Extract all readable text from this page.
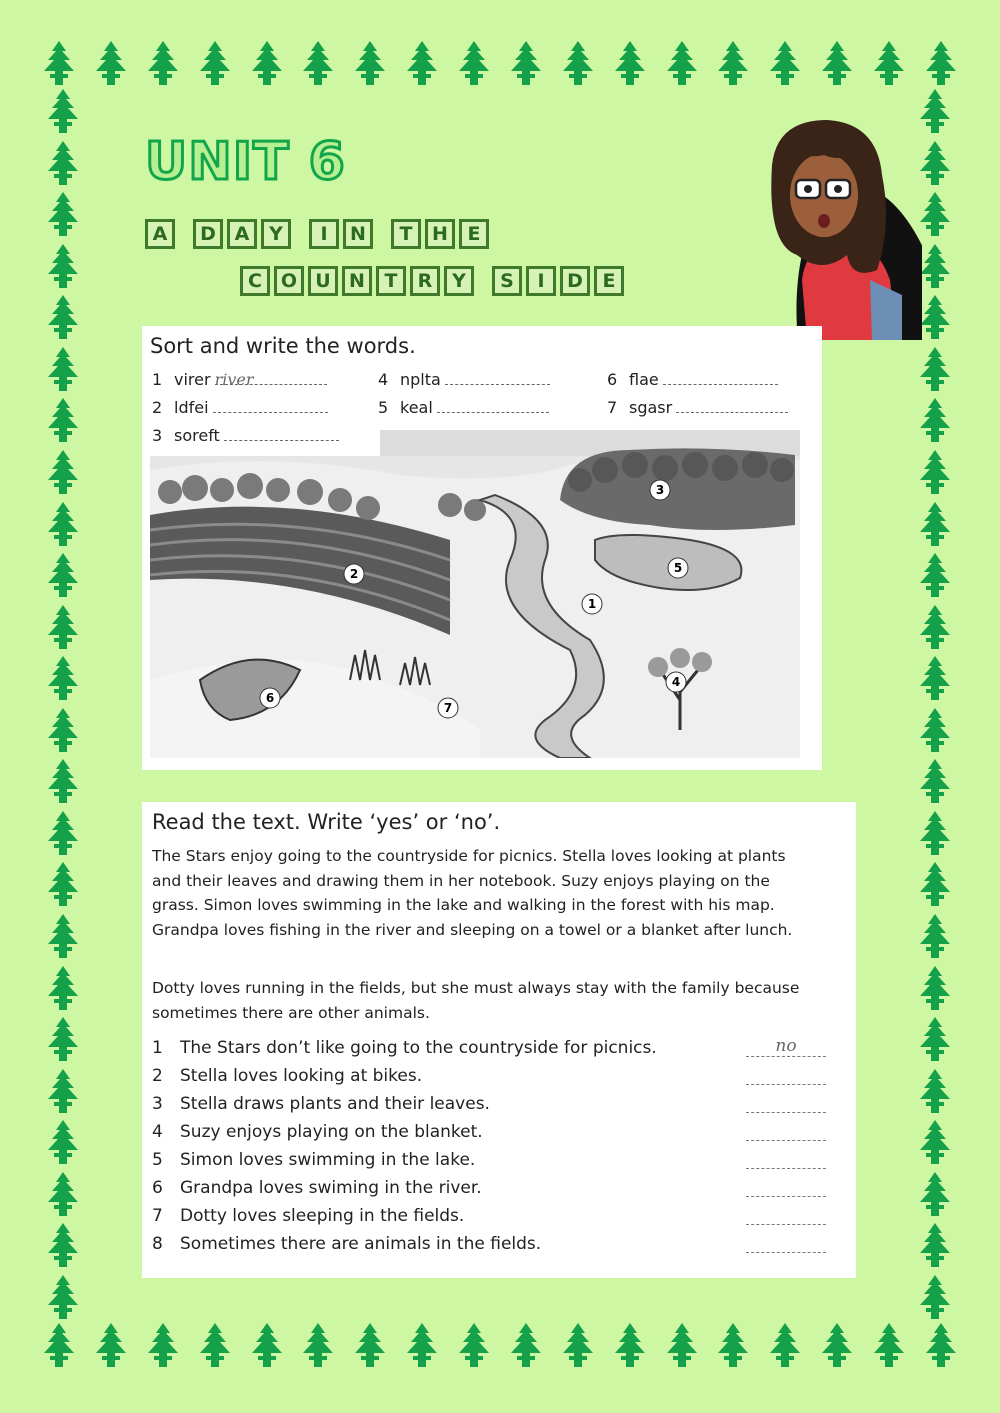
UNIT 6
A	D A	Y	I	N	T	H	E
C O U N	T	R	Y	S	I	D	E
Sort and write the words.
1 virer river
2 ldfei
3 soreft
4 nplta
5 keal
6 flae
7 sgasr
1
2
3
4
5
6
7
Read the text. Write ‘yes’ or ‘no’.

The Stars enjoy going to the countryside for picnics. Stella loves looking at plants and their leaves and drawing them in her notebook. Suzy enjoys playing on the grass. Simon loves swimming in the lake and walking in the forest with his map. Grandpa loves fishing in the river and sleeping on a towel or a blanket after lunch.

Dotty loves running in the fields, but she must always stay with the family because sometimes there are other animals.

1 The Stars don’t like going to the countryside for picnics.	no
2 Stella loves looking at bikes.
3 Stella draws plants and their leaves.
4 Suzy enjoys playing on the blanket.
5 Simon loves swimming in the lake.
6 Grandpa loves swiming in the river.
7 Dotty loves sleeping in the fields.
8 Sometimes there are animals in the fields.
